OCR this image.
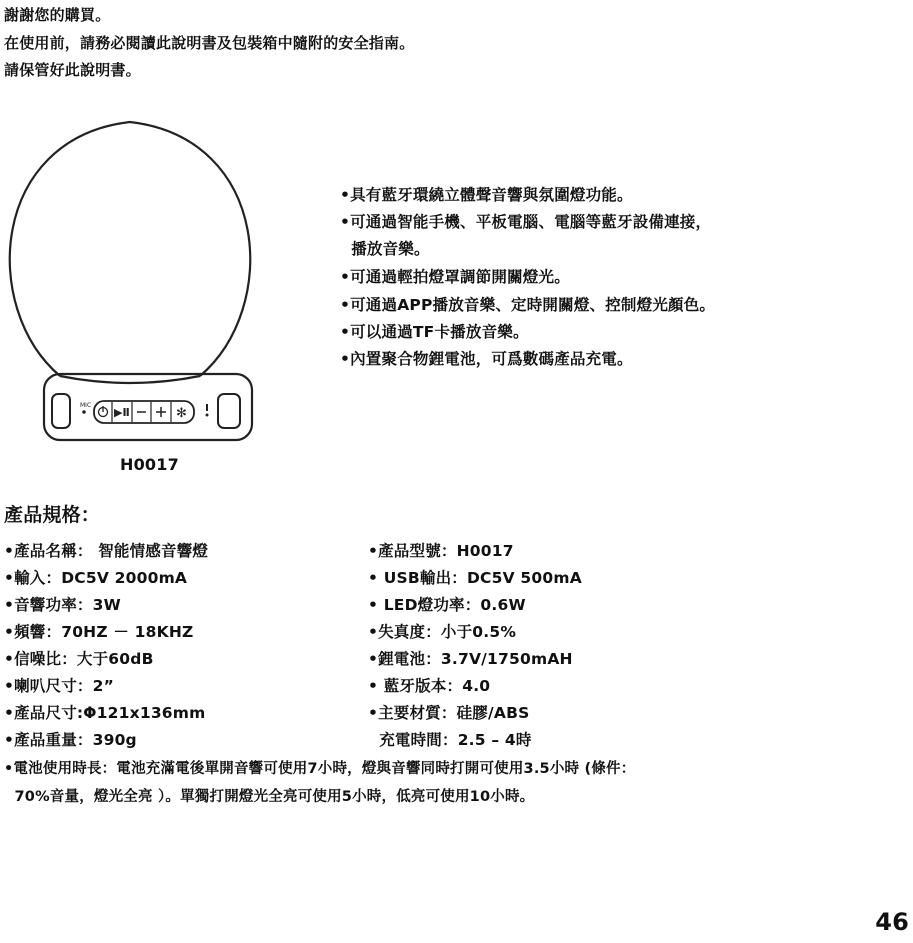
謝謝您的購買。
在使用前，請務必閱讀此說明書及包裝箱中隨附的安全指南。
請保管好此說明書。
MIC
▶Ⅱ	✻
H0017
•具有藍牙環繞立體聲音響與氛圍燈功能。
•可通過智能手機、平板電腦、電腦等藍牙設備連接，
播放音樂。
•可通過輕拍燈罩調節開關燈光。
•可通過APP播放音樂、定時開關燈、控制燈光顏色。
•可以通過TF卡播放音樂。
•內置聚合物鋰電池，可爲數碼產品充電。
產品規格：
•產品名稱： 智能情感音響燈
•輸入：DC5V 2000mA
•音響功率：3W
•頻響：70HZ － 18KHZ
•信噪比：大于60dB
•喇叭尺寸：2”
•產品尺寸:Φ121x136mm
•產品重量：390g
•產品型號：H0017
• USB輸出：DC5V 500mA
• LED燈功率：0.6W
•失真度：小于0.5%
•鋰電池：3.7V/1750mAH
• 藍牙版本：4.0
•主要材質：硅膠/ABS
充電時間：2.5 – 4時
•電池使用時長：電池充滿電後單開音響可使用7小時，燈與音響同時打開可使用3.5小時 (條件：
70%音量，燈光全亮 ）。單獨打開燈光全亮可使用5小時，低亮可使用10小時。
46
